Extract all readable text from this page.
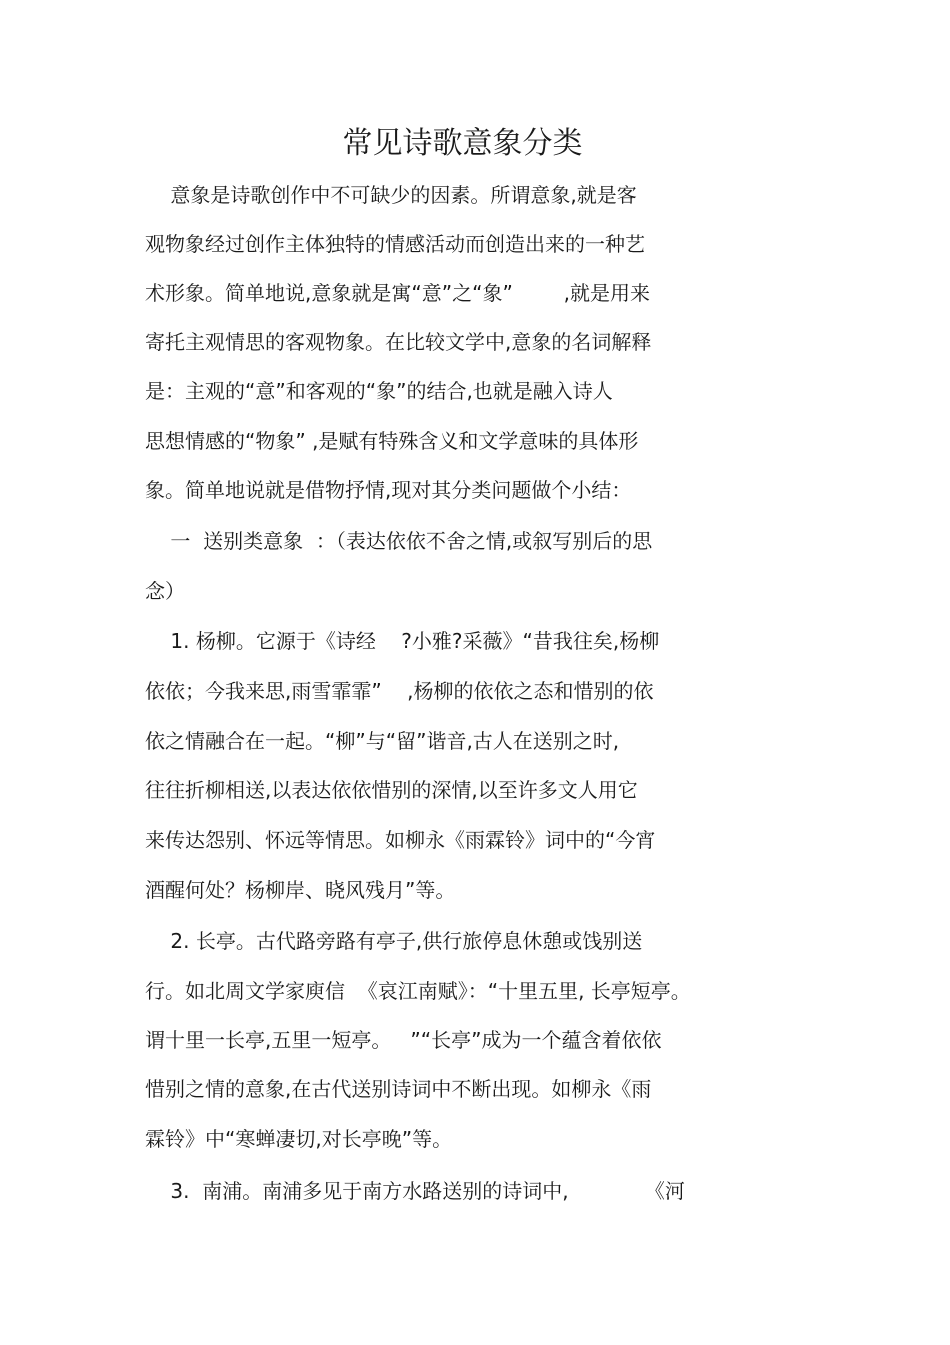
常见诗歌意象分类

意象是诗歌创作中不可缺少的因素。所谓意象,就是客

观物象经过创作主体独特的情感活动而创造出来的一种艺

术形象。简单地说,意象就是寓“意”之“象”        ,就是用来

寄托主观情思的客观物象。在比较文学中,意象的名词解释

是：主观的“意”和客观的“象”的结合,也就是融入诗人

思想情感的“物象” ,是赋有特殊含义和文学意味的具体形

象。简单地说就是借物抒情,现对其分类问题做个小结：

一  送别类意象  ：（表达依依不舍之情,或叙写别后的思

念）

1. 杨柳。它源于《诗经    ?小雅?采薇》“昔我往矣,杨柳

依依；今我来思,雨雪霏霏”    ,杨柳的依依之态和惜别的依

依之情融合在一起。“柳”与“留”谐音,古人在送别之时,

往往折柳相送,以表达依依惜别的深情,以至许多文人用它

来传达怨别、怀远等情思。如柳永《雨霖铃》词中的“今宵

酒醒何处？杨柳岸、晓风残月”等。

2. 长亭。古代路旁路有亭子,供行旅停息休憩或饯别送

行。如北周文学家庾信  《哀江南赋》：“十里五里, 长亭短亭。

谓十里一长亭,五里一短亭。   ”“长亭”成为一个蕴含着依依

惜别之情的意象,在古代送别诗词中不断出现。如柳永《雨

霖铃》中“寒蝉凄切,对长亭晚”等。

3.  南浦。南浦多见于南方水路送别的诗词中,            《河
